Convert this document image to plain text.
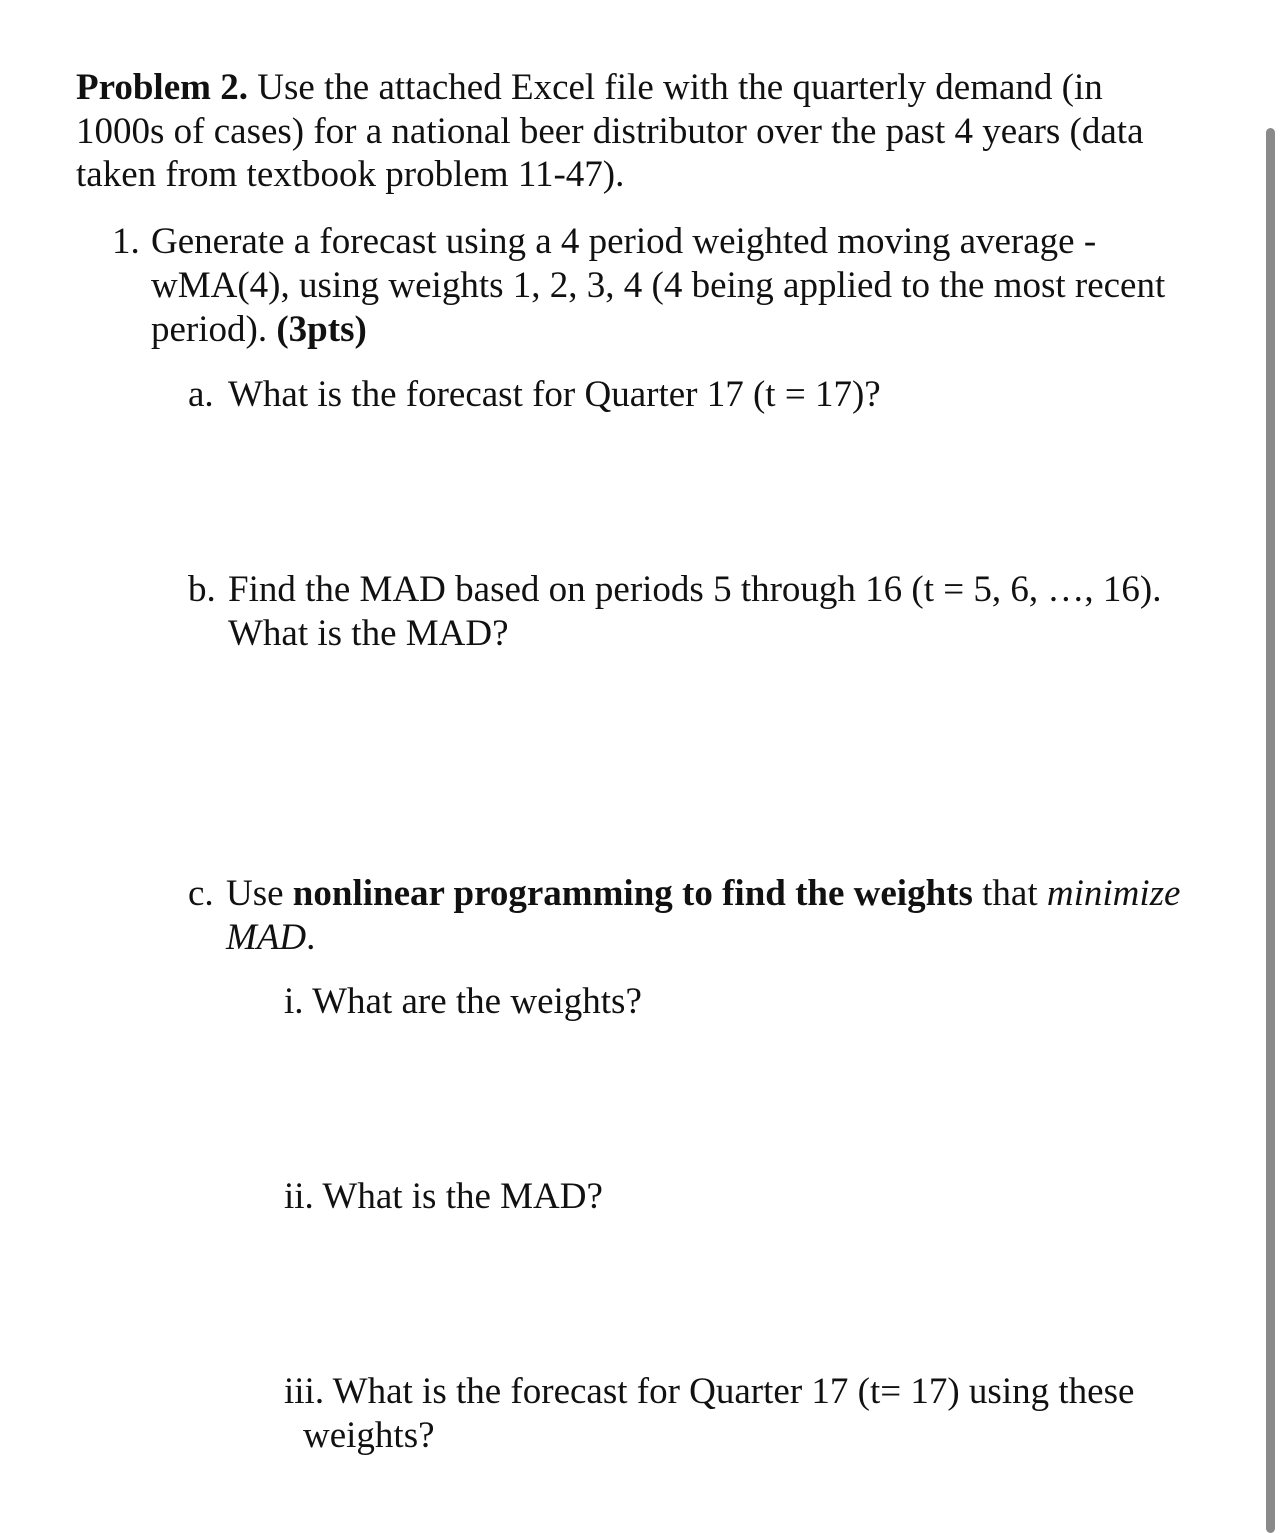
Problem 2. Use the attached Excel file with the quarterly demand (in
1000s of cases) for a national beer distributor over the past 4 years (data
taken from textbook problem 11-47).
1. Generate a forecast using a 4 period weighted moving average -
wMA(4), using weights 1, 2, 3, 4 (4 being applied to the most recent
period). (3pts)
a. What is the forecast for Quarter 17 (t = 17)?
b. Find the MAD based on periods 5 through 16 (t = 5, 6, …, 16).
What is the MAD?
c. Use nonlinear programming to find the weights that minimize
MAD.
i. What are the weights?
ii. What is the MAD?
iii. What is the forecast for Quarter 17 (t= 17) using these
weights?
